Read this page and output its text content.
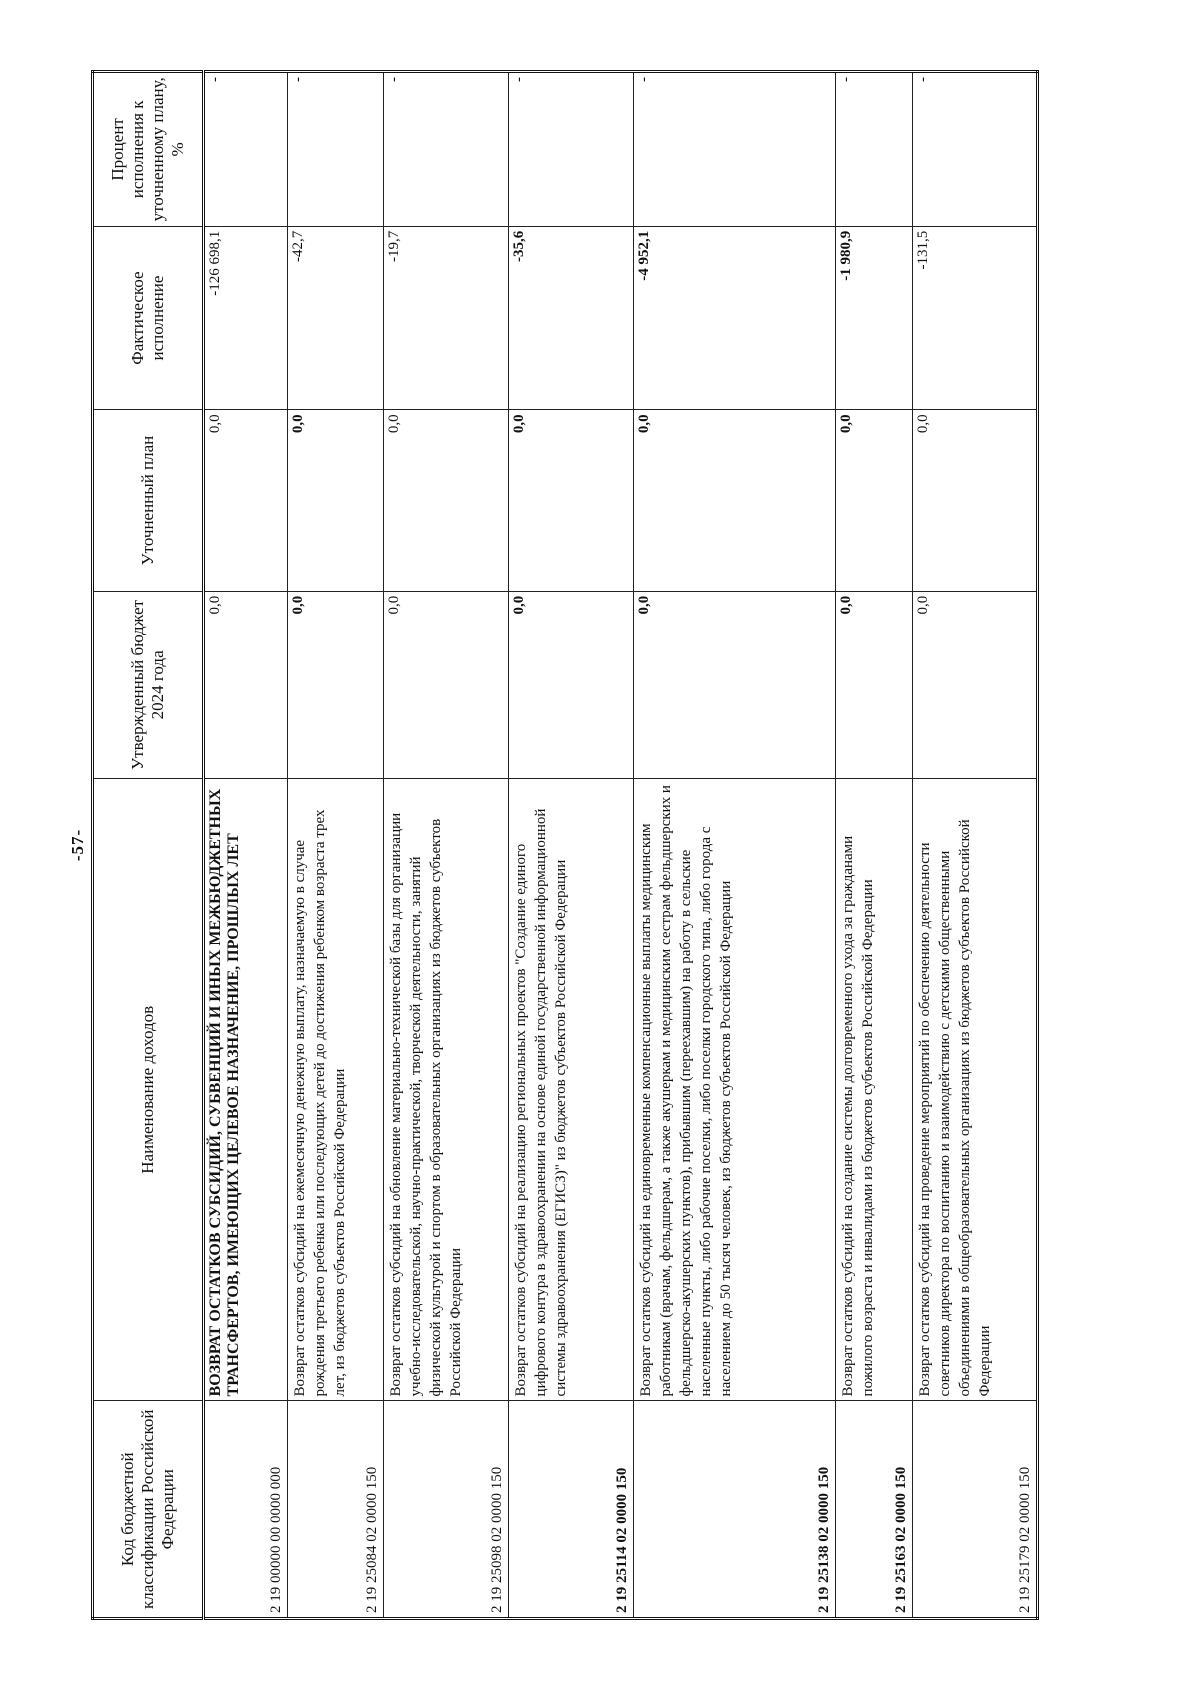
-57-
Код бюджетной классификации Российской Федерации	Наименование доходов	Утвержденный бюджет 2024 года	Уточненный план	Фактическое исполнение	Процент исполнения к уточненному плану, %
2 19 00000 00 0000 000	ВОЗВРАТ ОСТАТКОВ СУБСИДИЙ, СУБВЕНЦИЙ И ИНЫХ МЕЖБЮДЖЕТНЫХ ТРАНСФЕРТОВ, ИМЕЮЩИХ ЦЕЛЕВОЕ НАЗНАЧЕНИЕ, ПРОШЛЫХ ЛЕТ	0,0	0,0	-126 698,1	-
2 19 25084 02 0000 150	Возврат остатков субсидий на ежемесячную денежную выплату, назначаемую в случае рождения третьего ребенка или последующих детей до достижения ребенком возраста трех лет, из бюджетов субъектов Российской Федерации	0,0	0,0	-42,7	-
2 19 25098 02 0000 150	Возврат остатков субсидий на обновление материально-технической базы для организации учебно-исследовательской, научно-практической, творческой деятельности, занятий физической культурой и спортом в образовательных организациях из бюджетов субъектов Российской Федерации	0,0	0,0	-19,7	-
2 19 25114 02 0000 150	Возврат остатков субсидий на реализацию региональных проектов "Создание единого цифрового контура в здравоохранении на основе единой государственной информационной системы здравоохранения (ЕГИСЗ)" из бюджетов субъектов Российской Федерации	0,0	0,0	-35,6	-
2 19 25138 02 0000 150	Возврат остатков субсидий на единовременные компенсационные выплаты медицинским работникам (врачам, фельдшерам, а также акушеркам и медицинским сестрам фельдшерских и фельдшерско-акушерских пунктов), прибывшим (переехавшим) на работу в сельские населенные пункты, либо рабочие поселки, либо поселки городского типа, либо города с населением до 50 тысяч человек, из бюджетов субъектов Российской Федерации	0,0	0,0	-4 952,1	-
2 19 25163 02 0000 150	Возврат остатков субсидий на создание системы долговременного ухода за гражданами пожилого возраста и инвалидами из бюджетов субъектов Российской Федерации	0,0	0,0	-1 980,9	-
2 19 25179 02 0000 150	Возврат остатков субсидий на проведение мероприятий по обеспечению деятельности советников директора по воспитанию и взаимодействию с детскими общественными объединениями в общеобразовательных организациях из бюджетов субъектов Российской Федерации	0,0	0,0	-131,5	-
